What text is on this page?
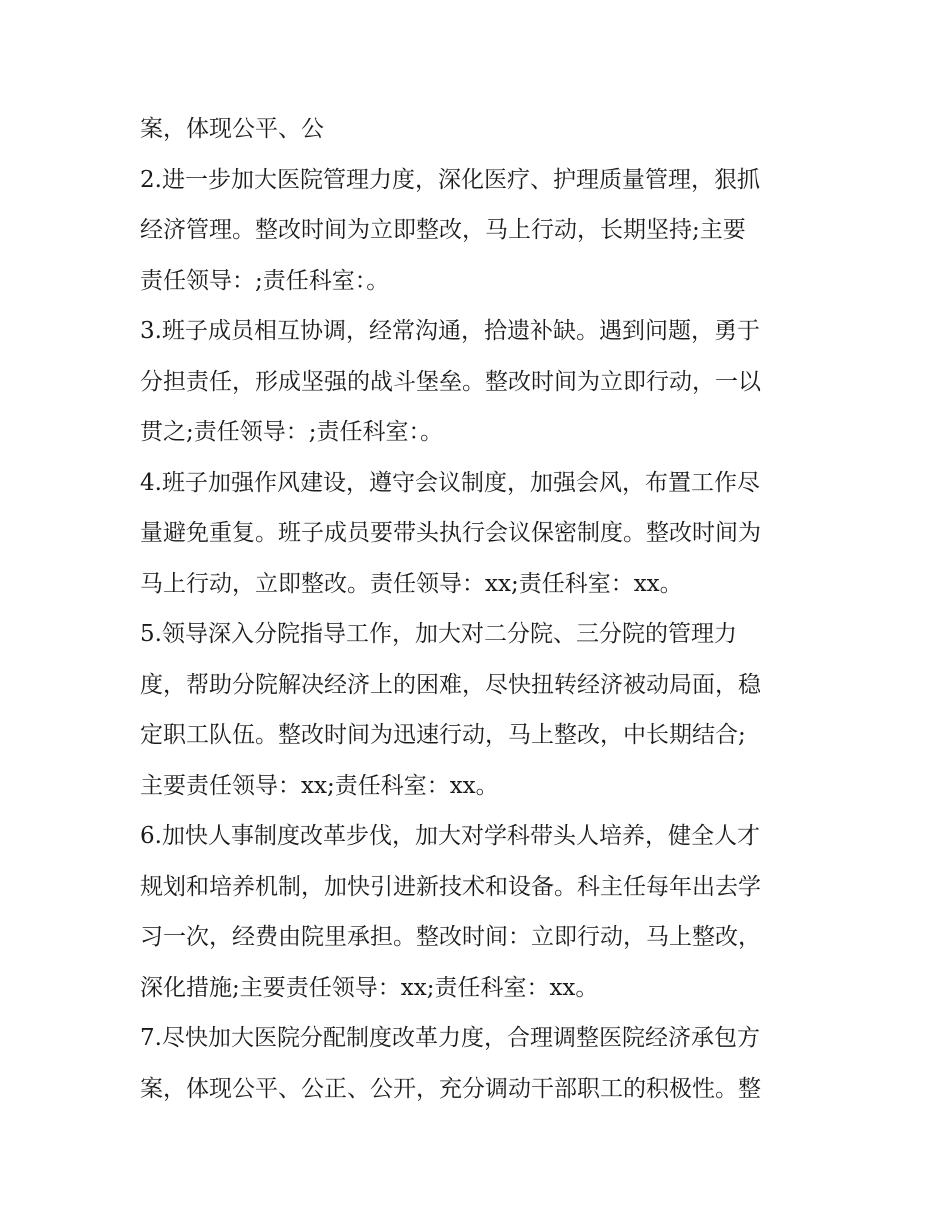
案，体现公平、公
2.进一步加大医院管理力度，深化医疗、护理质量管理，狠抓
经济管理。整改时间为立即整改，马上行动，长期坚持;主要
责任领导：;责任科室：。
3.班子成员相互协调，经常沟通，拾遗补缺。遇到问题，勇于
分担责任，形成坚强的战斗堡垒。整改时间为立即行动，一以
贯之;责任领导：;责任科室：。
4.班子加强作风建设，遵守会议制度，加强会风，布置工作尽
量避免重复。班子成员要带头执行会议保密制度。整改时间为
马上行动，立即整改。责任领导：xx;责任科室：xx。
5.领导深入分院指导工作，加大对二分院、三分院的管理力
度，帮助分院解决经济上的困难，尽快扭转经济被动局面，稳
定职工队伍。整改时间为迅速行动，马上整改，中长期结合;
主要责任领导：xx;责任科室：xx。
6.加快人事制度改革步伐，加大对学科带头人培养，健全人才
规划和培养机制，加快引进新技术和设备。科主任每年出去学
习一次，经费由院里承担。整改时间：立即行动，马上整改，
深化措施;主要责任领导：xx;责任科室：xx。
7.尽快加大医院分配制度改革力度，合理调整医院经济承包方
案，体现公平、公正、公开，充分调动干部职工的积极性。整
